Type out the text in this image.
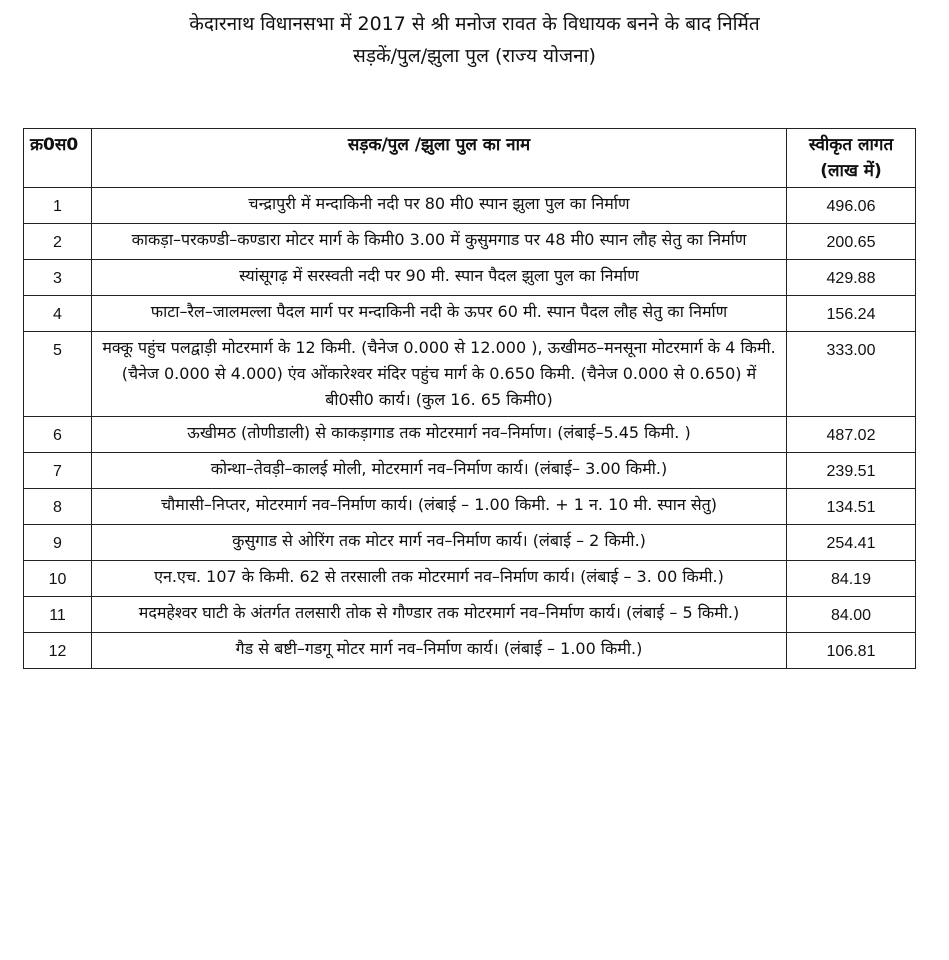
केदारनाथ विधानसभा में 2017 से श्री मनोज रावत के विधायक बनने के बाद निर्मित
सड़कें/पुल/झुला पुल (राज्य योजना)
क्र0स0	सड़क/पुल /झुला पुल का नाम	स्वीकृत लागत (लाख में)
1	चन्द्रापुरी में मन्दाकिनी नदी पर 80 मी0 स्पान झुला पुल का निर्माण	496.06
2	काकड़ा–परकण्डी–कण्डारा मोटर मार्ग के किमी0 3.00 में कुसुमगाड पर 48 मी0 स्पान लौह सेतु का निर्माण	200.65
3	स्यांसूगढ़ में सरस्वती नदी पर 90 मी. स्पान पैदल झुला पुल का निर्माण	429.88
4	फाटा–रैल–जालमल्ला पैदल मार्ग पर मन्दाकिनी नदी के ऊपर 60 मी. स्पान पैदल लौह सेतु का निर्माण	156.24
5	मक्कू पहुंच पलद्वाड़ी मोटरमार्ग के 12 किमी. (चैनेज 0.000 से 12.000 ), ऊखीमठ–मनसूना मोटरमार्ग के 4 किमी. (चैनेज 0.000 से 4.000) एंव ओंकारेश्वर मंदिर पहुंच मार्ग के 0.650 किमी. (चैनेज 0.000 से 0.650) में बी0सी0 कार्य। (कुल 16. 65 किमी0)	333.00
6	ऊखीमठ (तोणीडाली) से काकड़ागाड तक मोटरमार्ग नव–निर्माण। (लंबाई–5.45 किमी. )	487.02
7	कोन्था–तेवड़ी–कालई मोली, मोटरमार्ग नव–निर्माण कार्य। (लंबाई– 3.00 किमी.)	239.51
8	चौमासी–निप्तर, मोटरमार्ग नव–निर्माण कार्य। (लंबाई – 1.00 किमी. + 1 न. 10 मी. स्पान सेतु)	134.51
9	कुसुगाड से ओरिंग तक मोटर मार्ग नव–निर्माण कार्य। (लंबाई – 2 किमी.)	254.41
10	एन.एच. 107 के किमी. 62 से तरसाली तक मोटरमार्ग नव–निर्माण कार्य। (लंबाई – 3. 00 किमी.)	84.19
11	मदमहेश्वर घाटी के अंतर्गत तलसारी तोक से गौण्डार तक मोटरमार्ग नव–निर्माण कार्य। (लंबाई – 5 किमी.)	84.00
12	गैड से बष्टी–गडगू मोटर मार्ग नव–निर्माण कार्य। (लंबाई – 1.00 किमी.)	106.81
